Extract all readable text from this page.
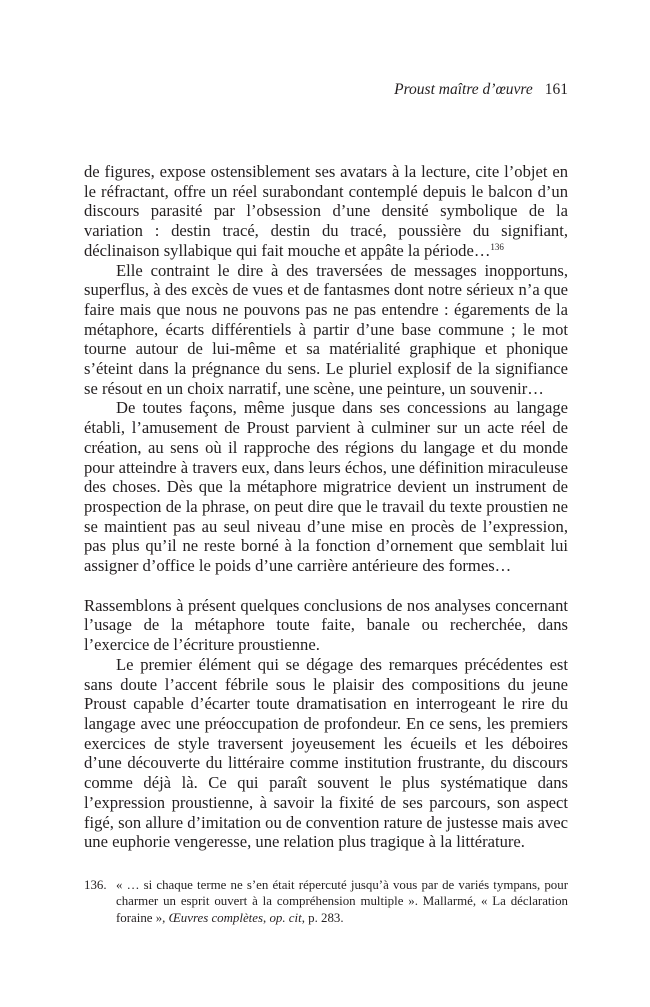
Proust maître d’œuvre 161

de figures, expose ostensiblement ses avatars à la lecture, cite l’objet en le réfractant, offre un réel surabondant contemplé depuis le balcon d’un discours parasité par l’obsession d’une densité symbolique de la variation : destin tracé, destin du tracé, poussière du signifiant, déclinaison syllabique qui fait mouche et appâte la période…$^{136}$

Elle contraint le dire à des traversées de messages inopportuns, superflus, à des excès de vues et de fantasmes dont notre sérieux n’a que faire mais que nous ne pouvons pas ne pas entendre : égarements de la métaphore, écarts différentiels à partir d’une base commune ; le mot tourne autour de lui-même et sa matérialité graphique et phonique s’éteint dans la prégnance du sens. Le pluriel explosif de la signifiance se résout en un choix narratif, une scène, une peinture, un souvenir…

De toutes façons, même jusque dans ses concessions au langage établi, l’amusement de Proust parvient à culminer sur un acte réel de création, au sens où il rapproche des régions du langage et du monde pour atteindre à travers eux, dans leurs échos, une définition miraculeuse des choses. Dès que la métaphore migratrice devient un instrument de prospection de la phrase, on peut dire que le travail du texte proustien ne se maintient pas au seul niveau d’une mise en procès de l’expression, pas plus qu’il ne reste borné à la fonction d’ornement que semblait lui assigner d’office le poids d’une carrière antérieure des formes…

Rassemblons à présent quelques conclusions de nos analyses concernant l’usage de la métaphore toute faite, banale ou recherchée, dans l’exercice de l’écriture proustienne.

Le premier élément qui se dégage des remarques précédentes est sans doute l’accent fébrile sous le plaisir des compositions du jeune Proust capable d’écarter toute dramatisation en interrogeant le rire du langage avec une préoccupation de profondeur. En ce sens, les premiers exercices de style traversent joyeusement les écueils et les déboires d’une découverte du littéraire comme institution frustrante, du discours comme déjà là. Ce qui paraît souvent le plus systématique dans l’expression proustienne, à savoir la fixité de ses parcours, son aspect figé, son allure d’imitation ou de convention rature de justesse mais avec une euphorie vengeresse, une relation plus tragique à la littérature.

136. « … si chaque terme ne s’en était répercuté jusqu’à vous par de variés tympans, pour charmer un esprit ouvert à la compréhension multiple ». Mallarmé, « La déclaration foraine », Œuvres complètes, op. cit, p. 283.
